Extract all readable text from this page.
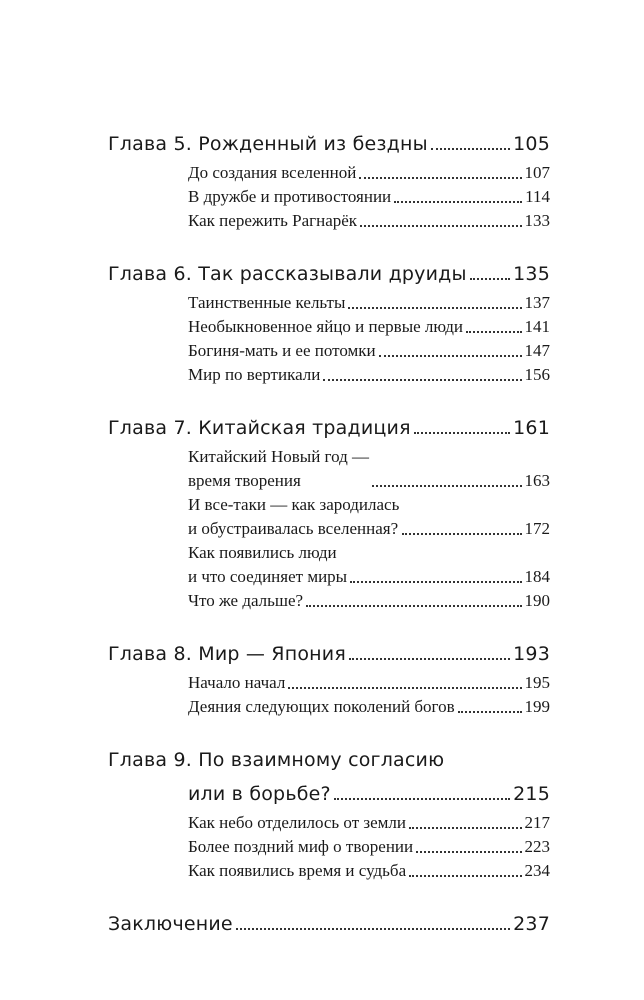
Глава 5. Рожденный из бездны	105
До создания вселенной	107
В дружбе и противостоянии	114
Как пережить Рагнарёк	133
Глава 6. Так рассказывали друиды 135
Таинственные кельты	137
Необыкновенное яйцо и первые люди	141
Богиня-мать и ее потомки	147
Мир по вертикали	156
Глава 7. Китайская традиция	161
Китайский Новый год —
время творения	163
И все-таки — как зародилась
и обустраивалась вселенная?	172
Как появились люди
и что соединяет миры	184
Что же дальше?	190
Глава 8. Мир — Япония	193
Начало начал	195
Деяния следующих поколений богов	199
Глава 9. По взаимному согласию
или в борьбе?	215
Как небо отделилось от земли	217
Более поздний миф о творении	223
Как появились время и судьба	234
Заключение	237
